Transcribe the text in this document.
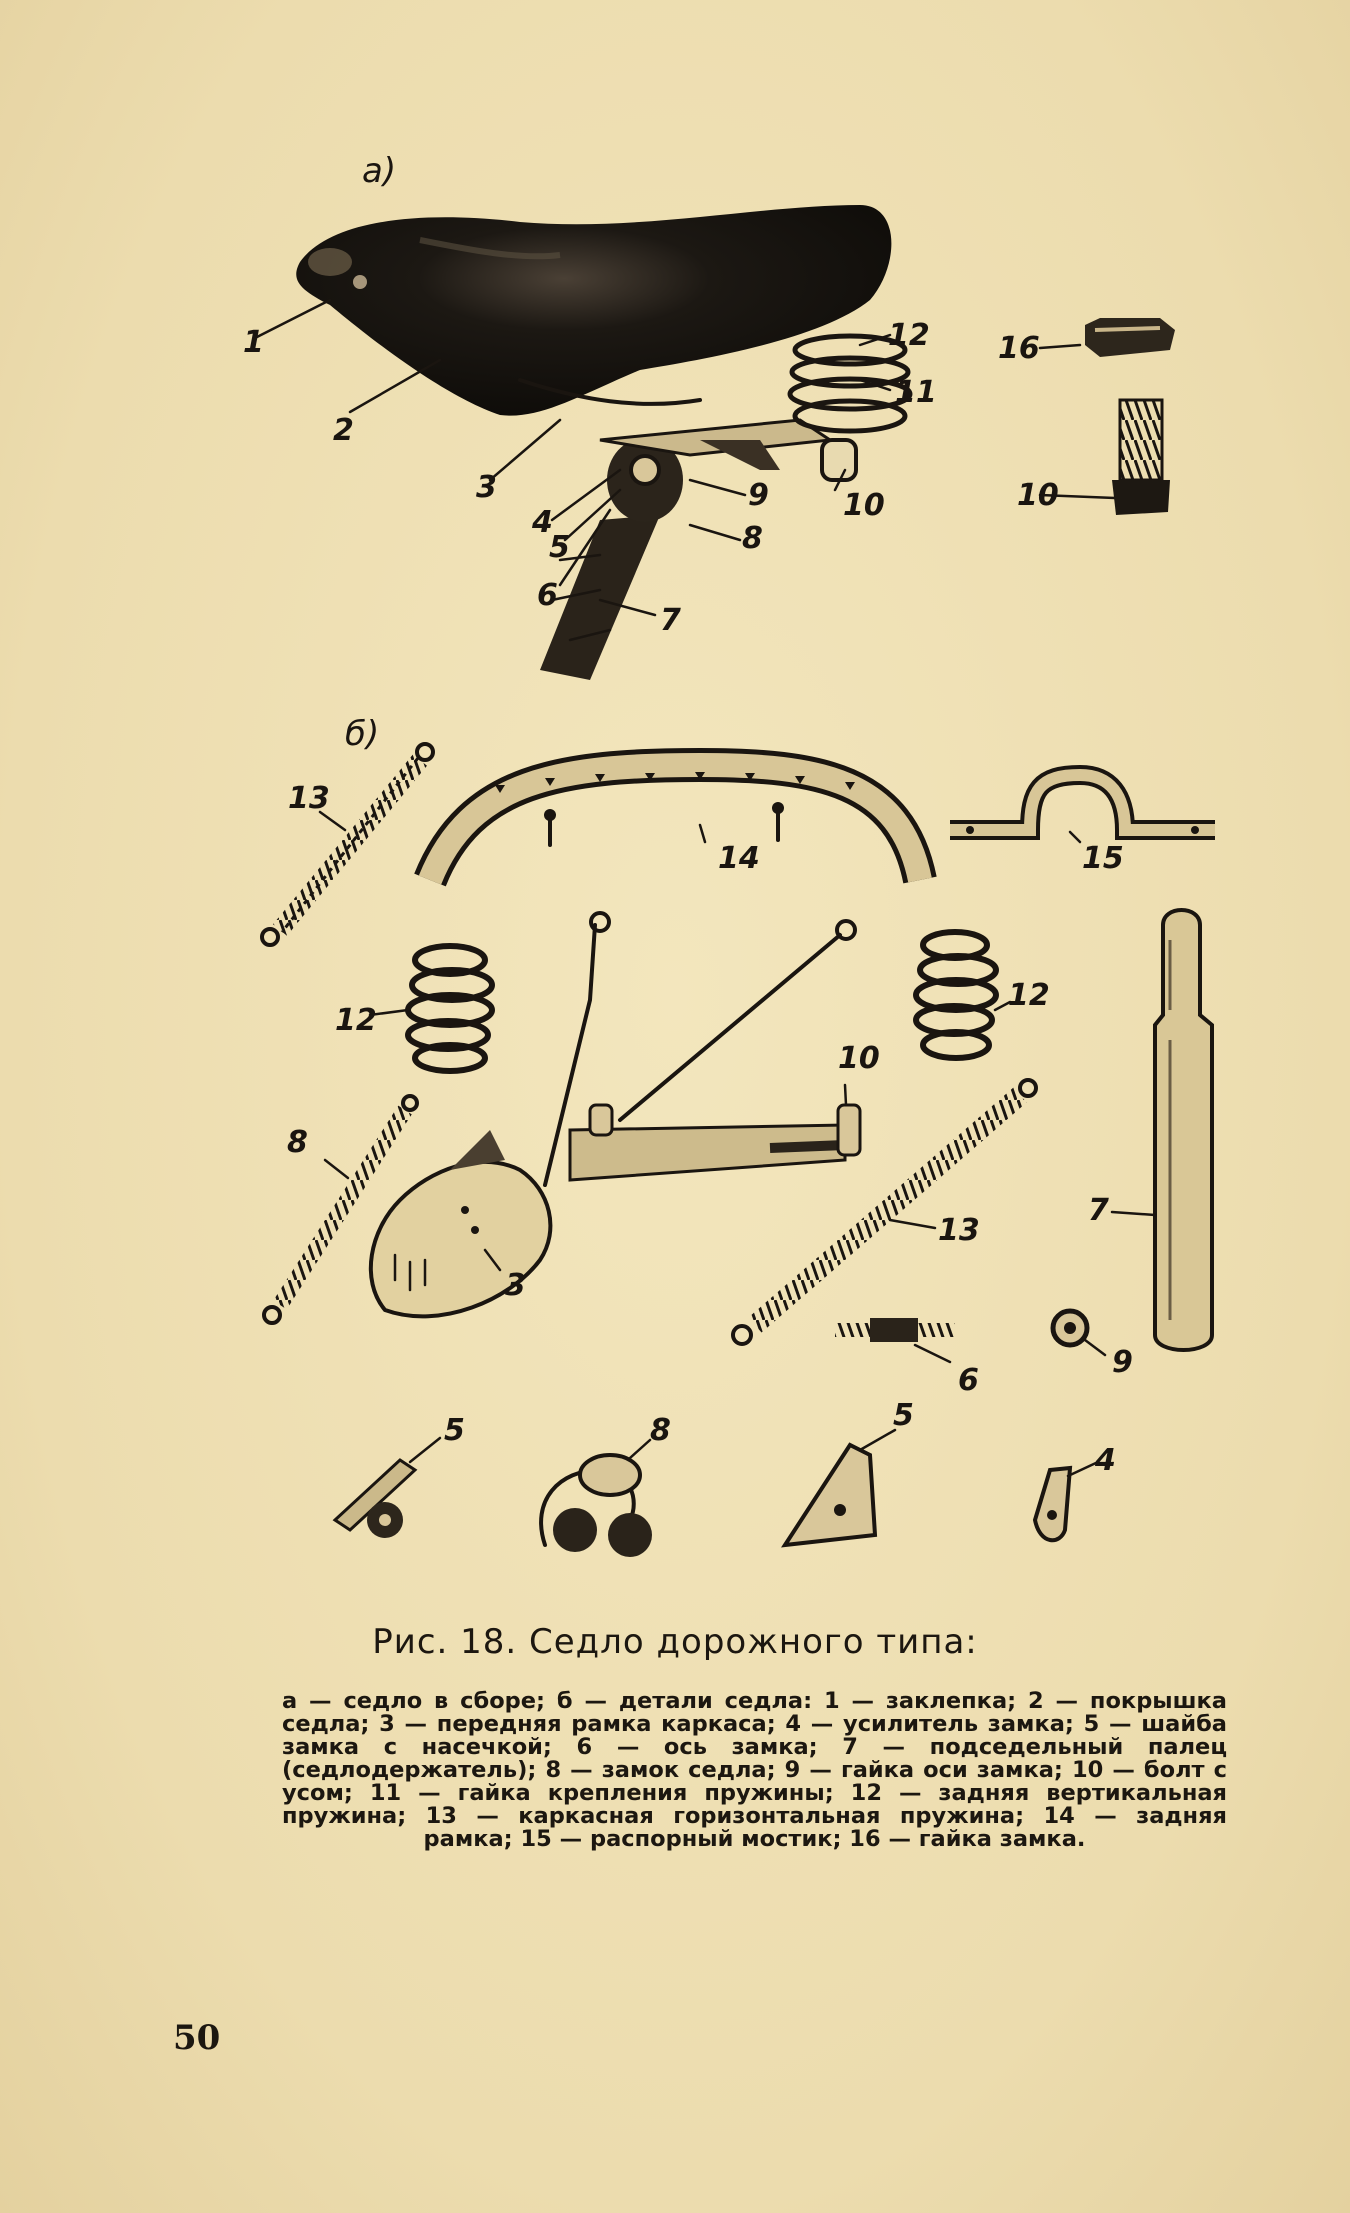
а)
1
2
3
4
5
6
7
8
9 10
11
12 16
10
б)
13
14	15
12
12
10
3
8
13
7
6
9
5	8	5
4
Рис. 18. Седло дорожного типа:
а — седло в сборе; б — детали седла: 1 — заклепка; 2 — покрышка седла; 3 — передняя рамка каркаса; 4 — усилитель замка; 5 — шайба замка с насечкой; 6 — ось замка; 7 — подседельный палец (седлодержатель); 8 — замок седла; 9 — гайка оси замка; 10 — болт с усом; 11 — гайка крепления пружины; 12 — задняя вертикальная пружина; 13 — каркасная горизонтальная пружина; 14 — задняя рамка; 15 — распорный мостик; 16 — гайка замка.
50
